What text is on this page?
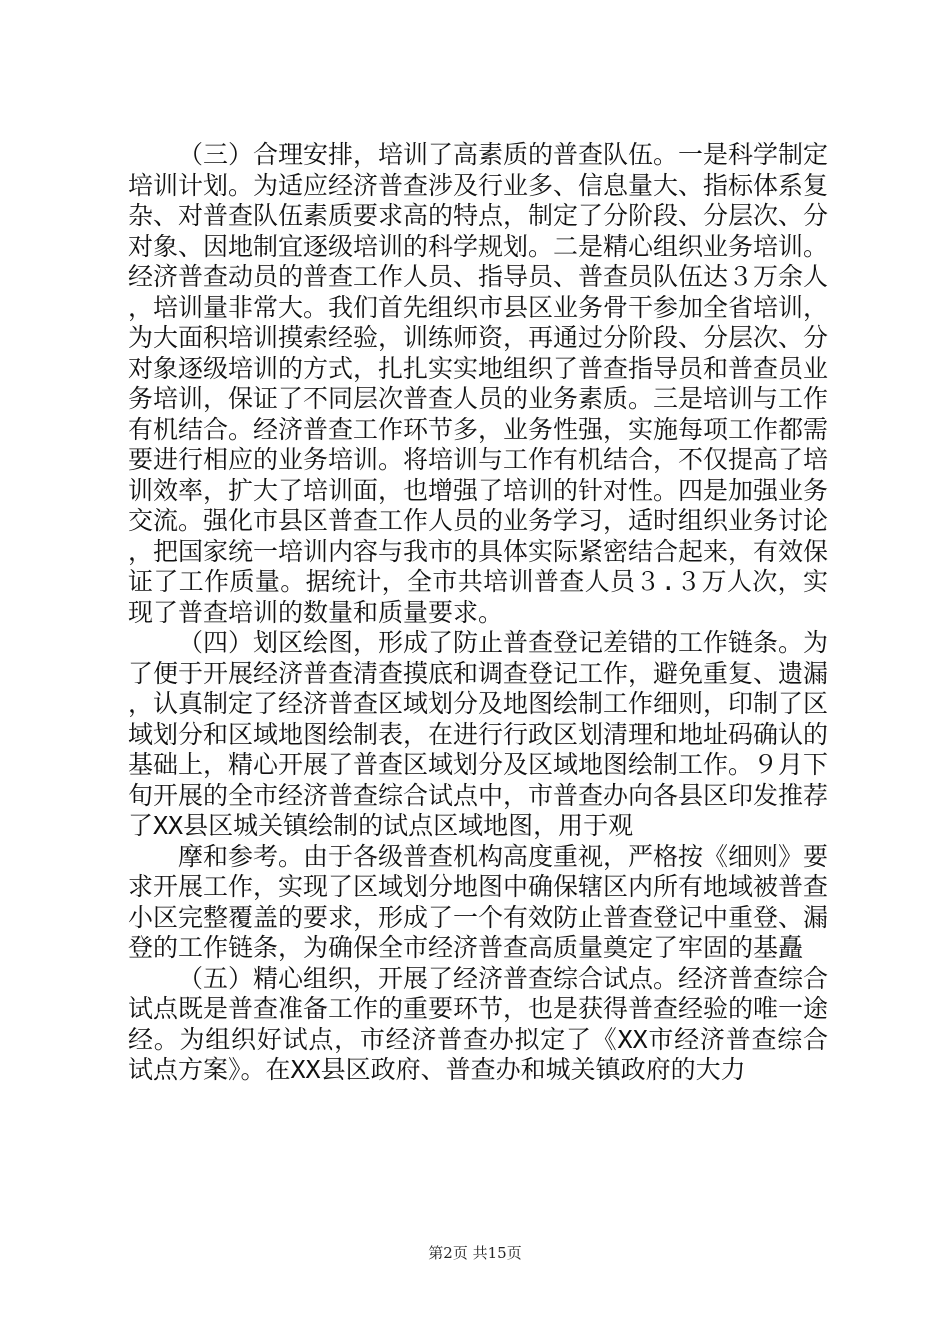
（三）合理安排，培训了高素质的普查队伍。一是科学制定培训计划。为适应经济普查涉及行业多、信息量大、指标体系复杂、对普查队伍素质要求高的特点，制定了分阶段、分层次、分对象、因地制宜逐级培训的科学规划。二是精心组织业务培训。经济普查动员的普查工作人员、指导员、普查员队伍达３万余人，培训量非常大。我们首先组织市县区业务骨干参加全省培训，为大面积培训摸索经验，训练师资，再通过分阶段、分层次、分对象逐级培训的方式，扎扎实实地组织了普查指导员和普查员业务培训，保证了不同层次普查人员的业务素质。三是培训与工作有机结合。经济普查工作环节多，业务性强，实施每项工作都需要进行相应的业务培训。将培训与工作有机结合，不仅提高了培训效率，扩大了培训面，也增强了培训的针对性。四是加强业务交流。强化市县区普查工作人员的业务学习，适时组织业务讨论，把国家统一培训内容与我市的具体实际紧密结合起来，有效保证了工作质量。据统计，全市共培训普查人员３.３万人次，实现了普查培训的数量和质量要求。

（四）划区绘图，形成了防止普查登记差错的工作链条。为了便于开展经济普查清查摸底和调查登记工作，避免重复、遗漏，认真制定了经济普查区域划分及地图绘制工作细则，印制了区域划分和区域地图绘制表，在进行行政区划清理和地址码确认的基础上，精心开展了普查区域划分及区域地图绘制工作。９月下旬开展的全市经济普查综合试点中，市普查办向各县区印发推荐了XX县区城关镇绘制的试点区域地图，用于观

摩和参考。由于各级普查机构高度重视，严格按《细则》要求开展工作，实现了区域划分地图中确保辖区内所有地域被普查小区完整覆盖的要求，形成了一个有效防止普查登记中重登、漏登的工作链条，为确保全市经济普查高质量奠定了牢固的基矗

（五）精心组织，开展了经济普查综合试点。经济普查综合试点既是普查准备工作的重要环节，也是获得普查经验的唯一途经。为组织好试点，市经济普查办拟定了《XX市经济普查综合试点方案》。在XX县区政府、普查办和城关镇政府的大力

第2页 共15页
